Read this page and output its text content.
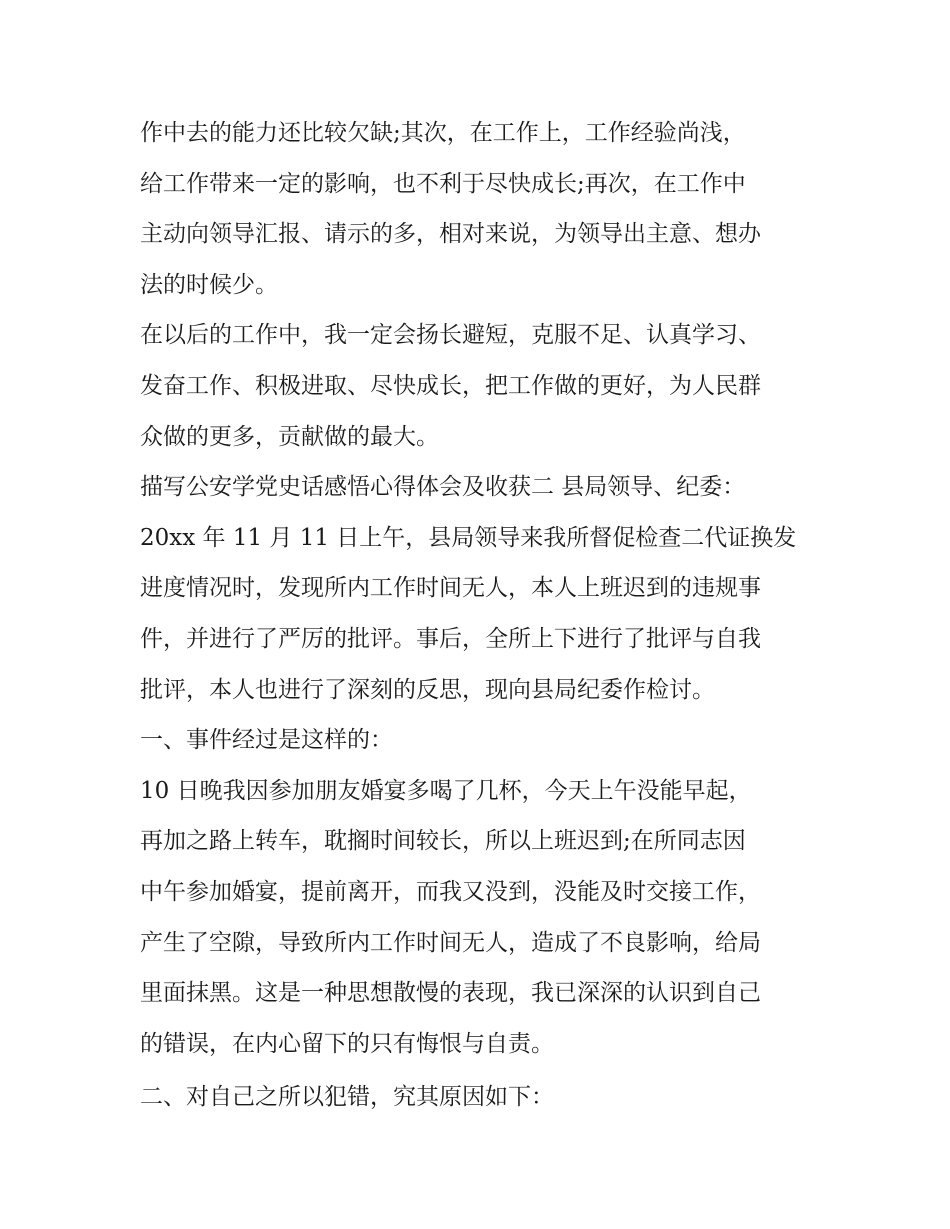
作中去的能力还比较欠缺;其次，在工作上，工作经验尚浅，
给工作带来一定的影响，也不利于尽快成长;再次，在工作中
主动向领导汇报、请示的多，相对来说，为领导出主意、想办
法的时候少。
在以后的工作中，我一定会扬长避短，克服不足、认真学习、
发奋工作、积极进取、尽快成长，把工作做的更好，为人民群
众做的更多，贡献做的最大。
描写公安学党史话感悟心得体会及收获二 县局领导、纪委：
20xx 年 11 月 11 日上午，县局领导来我所督促检查二代证换发
进度情况时，发现所内工作时间无人，本人上班迟到的违规事
件，并进行了严厉的批评。事后，全所上下进行了批评与自我
批评，本人也进行了深刻的反思，现向县局纪委作检讨。
一、事件经过是这样的：
10 日晚我因参加朋友婚宴多喝了几杯，今天上午没能早起，
再加之路上转车，耽搁时间较长，所以上班迟到;在所同志因
中午参加婚宴，提前离开，而我又没到，没能及时交接工作，
产生了空隙，导致所内工作时间无人，造成了不良影响，给局
里面抹黑。这是一种思想散慢的表现，我已深深的认识到自己
的错误，在内心留下的只有悔恨与自责。
二、对自己之所以犯错，究其原因如下：
